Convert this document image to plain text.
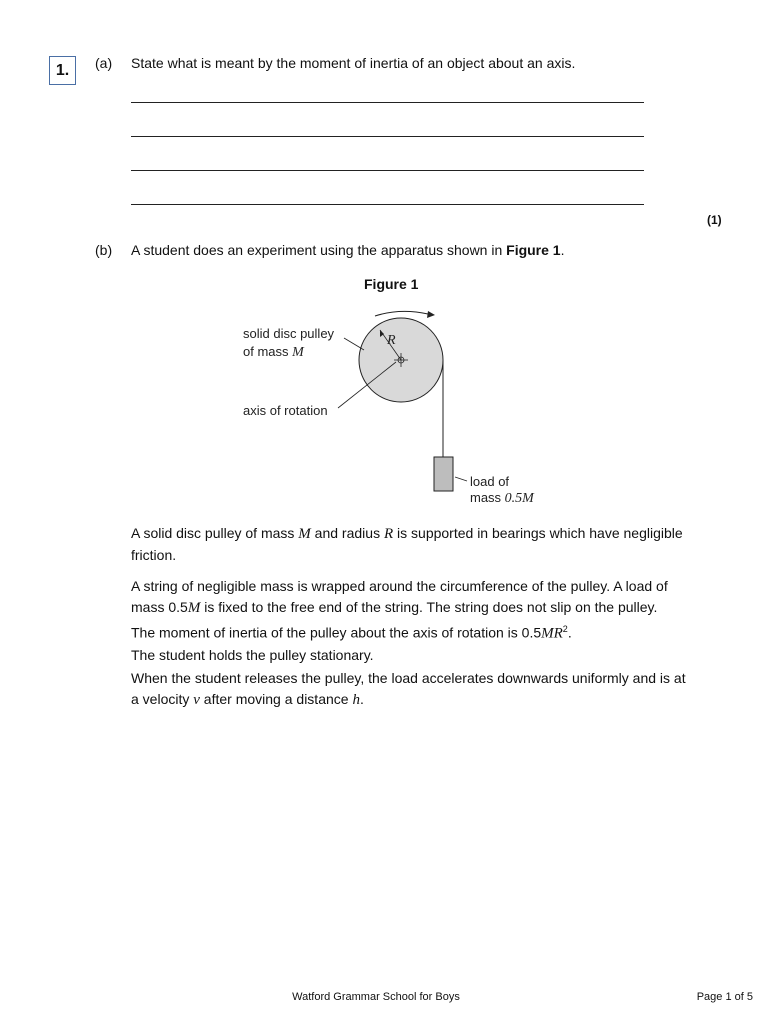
1.	(a) State what is meant by the moment of inertia of an object about an axis.
(1)
(b) A student does an experiment using the apparatus shown in Figure 1.
Figure 1
solid disc pulley
of mass M
R
axis of rotation
load of
mass 0.5M

A solid disc pulley of mass M and radius R is supported in bearings which have negligible friction.

A string of negligible mass is wrapped around the circumference of the pulley. A load of mass 0.5M is fixed to the free end of the string. The string does not slip on the pulley.

The moment of inertia of the pulley about the axis of rotation is $0.5MR^2$.

The student holds the pulley stationary.

When the student releases the pulley, the load accelerates downwards uniformly and is at a velocity v after moving a distance h.

Watford Grammar School for Boys	Page 1 of 5
